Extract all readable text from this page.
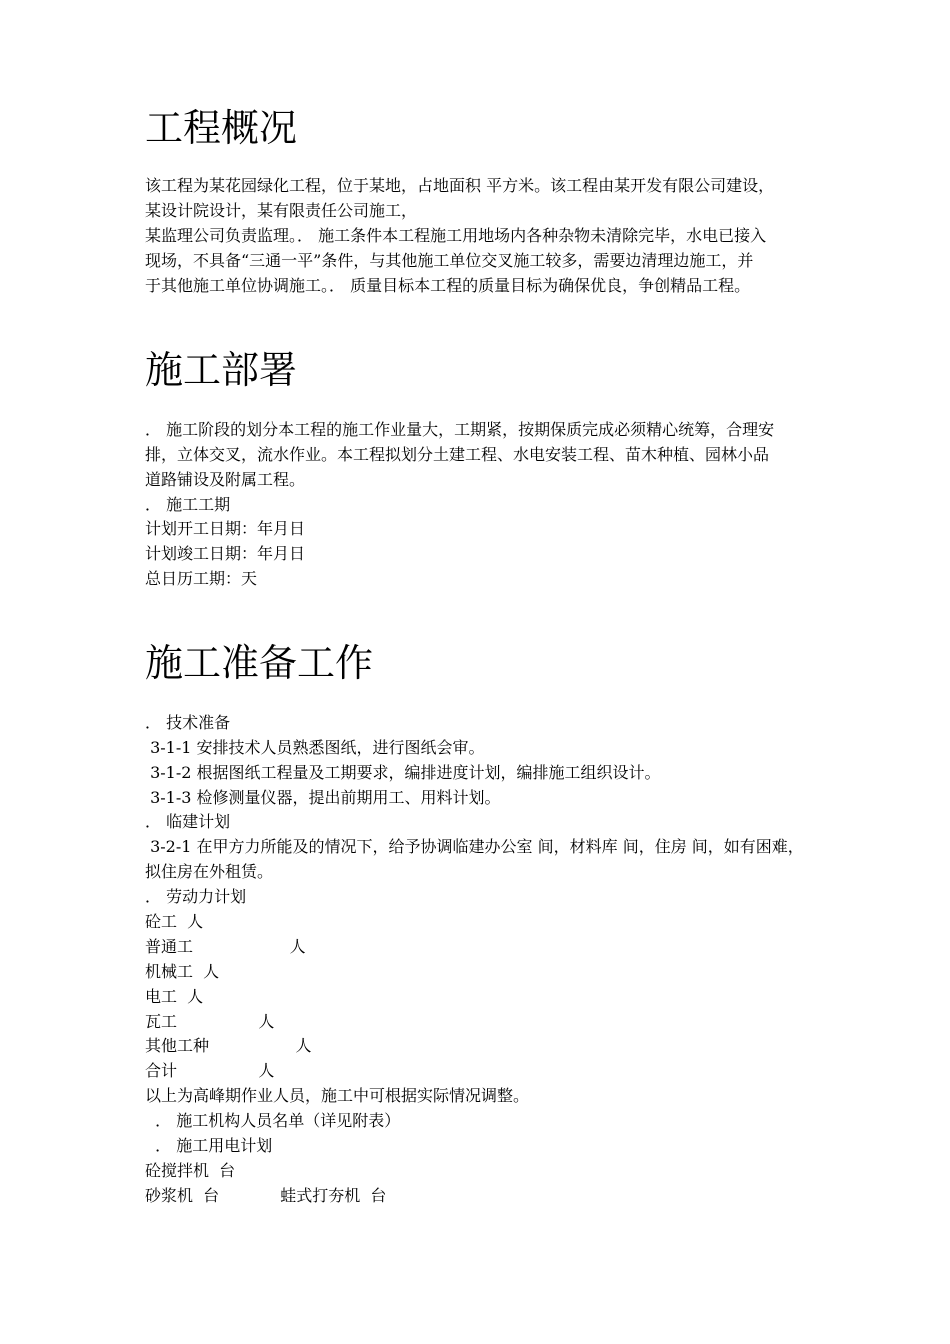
工程概况
该工程为某花园绿化工程，位于某地，占地面积 平方米。该工程由某开发有限公司建设，
某设计院设计，某有限责任公司施工，
某监理公司负责监理。． 施工条件本工程施工用地场内各种杂物未清除完毕，水电已接入
现场，不具备“三通一平”条件，与其他施工单位交叉施工较多，需要边清理边施工，并
于其他施工单位协调施工。． 质量目标本工程的质量目标为确保优良，争创精品工程。
施工部署
． 施工阶段的划分本工程的施工作业量大，工期紧，按期保质完成必须精心统筹，合理安
排，立体交叉，流水作业。本工程拟划分土建工程、水电安装工程、苗木种植、园林小品
道路铺设及附属工程。
． 施工工期
计划开工日期：年月日
计划竣工日期：年月日
总日历工期：天
施工准备工作
． 技术准备
3-1-1 安排技术人员熟悉图纸，进行图纸会审。
3-1-2 根据图纸工程量及工期要求，编排进度计划，编排施工组织设计。
3-1-3 检修测量仪器，提出前期用工、用料计划。
． 临建计划
3-2-1 在甲方力所能及的情况下，给予协调临建办公室 间，材料库 间，住房 间，如有困难，
拟住房在外租赁。
． 劳动力计划
砼工  人
普通工                   人
机械工  人
电工  人
瓦工                人
其他工种                 人
合计                人
以上为高峰期作业人员，施工中可根据实际情况调整。
． 施工机构人员名单（详见附表）
． 施工用电计划
砼搅拌机  台
砂浆机  台            蛙式打夯机  台
